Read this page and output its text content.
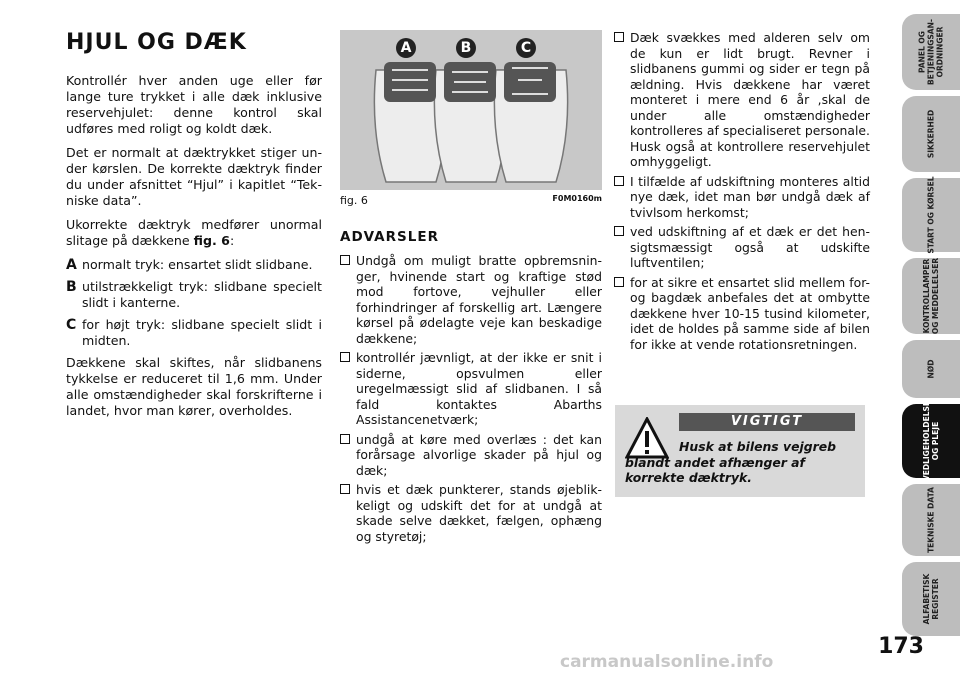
HJUL OG DÆK

Kontrollér hver anden uge eller før lange ture trykket i alle dæk inklusive reservehjulet: denne kontrol skal udføres med roligt og koldt dæk.

Det er normalt at dæktrykket stiger under kørslen. De korrekte dæktryk finder du under afsnittet “Hjul” i kapitlet “Tekniske data”.

Ukorrekte dæktryk medfører unormal slitage på dækkene fig. 6:

A normalt tryk: ensartet slidt slidbane.
B utilstrækkeligt tryk: slidbane specielt slidt i kanterne.
C for højt tryk: slidbane specielt slidt i midten.

Dækkene skal skiftes, når slidbanens tykkelse er reduceret til 1,6 mm. Under alle omstændigheder skal forskrifterne i landet, hvor man kører, overholdes.

A	B	C
fig. 6	F0M0160m
ADVARSLER
Undgå om muligt bratte opbremsninger, hvinende start og kraftige stød mod fortove, vejhuller eller forhindringer af forskellig art. Længere kørsel på ødelagte veje kan beskadige dækkene;
kontrollér jævnligt, at der ikke er snit i siderne, opsvulmen eller uregelmæssigt slid af slidbanen. I så fald kontaktes Abarths Assistancenetværk;
undgå at køre med overlæs : det kan forårsage alvorlige skader på hjul og dæk;
hvis et dæk punkterer, stands øjeblikkeligt og udskift det for at undgå at skade selve dækket, fælgen, ophæng og styretøj;
Dæk svækkes med alderen selv om de kun er lidt brugt. Revner i slidbanens gummi og sider er tegn på ældning. Hvis dækkene har været monteret i mere end 6 år ,skal de under alle omstændigheder kontrolleres af specialiseret personale. Husk også at kontrollere reservehjulet omhyggeligt.
I tilfælde af udskiftning monteres altid nye dæk, idet man bør undgå dæk af tvivlsom herkomst;
ved udskiftning af et dæk er det hensigtsmæssigt også at udskifte luftventilen;
for at sikre et ensartet slid mellem for- og bagdæk anbefales det at ombytte dækkene hver 10-15 tusind kilometer, idet de holdes på samme side af bilen for ikke at vende rotationsretningen.
VIGTIGT
Husk at bilens vejgreb blandt andet afhænger af korrekte dæktryk.
PANEL OG
BETJENINGSAN-
ORDNINGER
SIKKERHED
START OG KØRSEL
KONTROLLAMPER
OG MEDDELELSER
NØD
VEDLIGEHOLDELSE
OG PLEJE
TEKNISKE DATA
ALFABETISK
REGISTER
173
carmanualsonline.info
